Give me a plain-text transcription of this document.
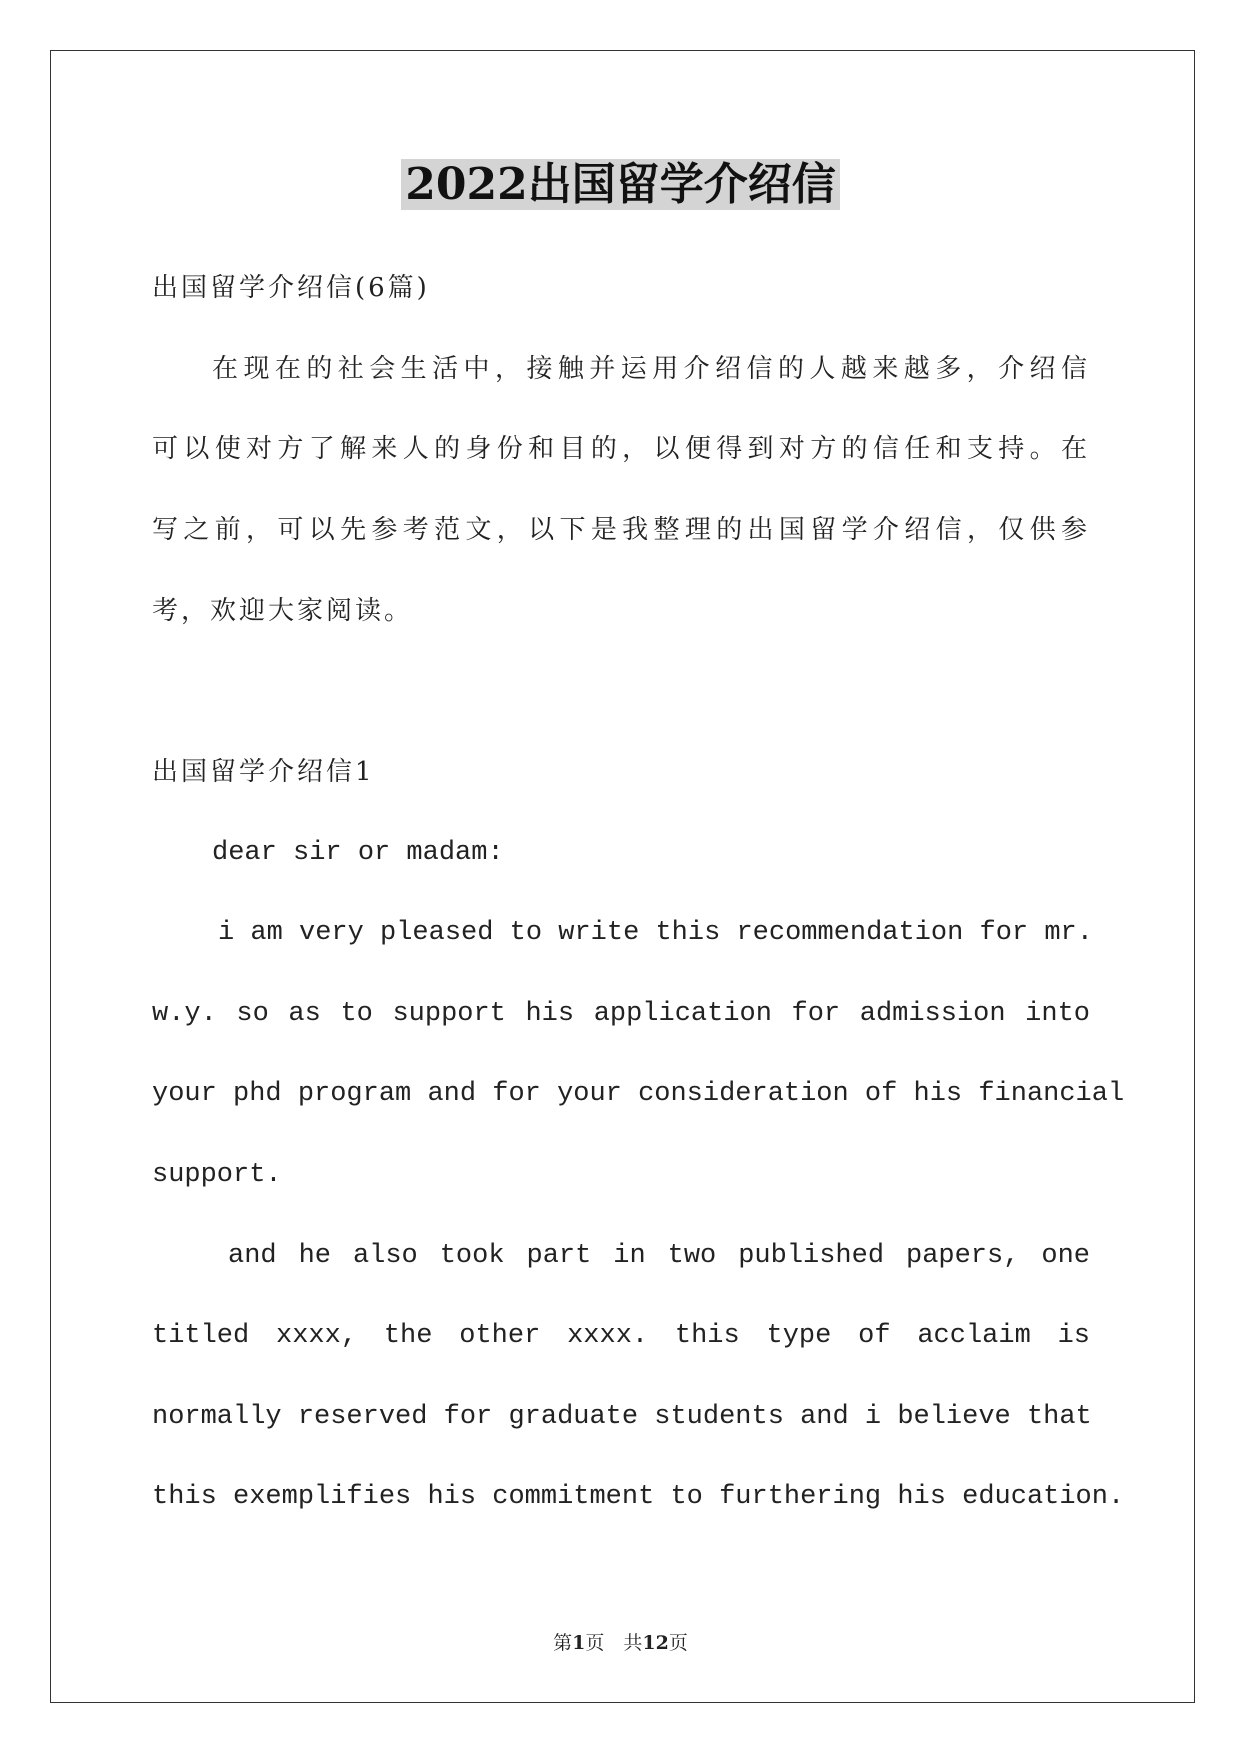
2022出国留学介绍信
出国留学介绍信(6篇)
在现在的社会生活中，接触并运用介绍信的人越来越多，介绍信
可以使对方了解来人的身份和目的，以便得到对方的信任和支持。在
写之前，可以先参考范文，以下是我整理的出国留学介绍信，仅供参
考，欢迎大家阅读。
出国留学介绍信1
dear sir or madam:
i am very pleased to write this recommendation for mr.
w.y. so as to support his application for admission into
your phd program and for your consideration of his financial
support.
and he also took part in two published papers, one
titled xxxx, the other xxxx. this type of acclaim is
normally reserved for graduate students and i believe that
this exemplifies his commitment to furthering his education.
第1页　共12页
